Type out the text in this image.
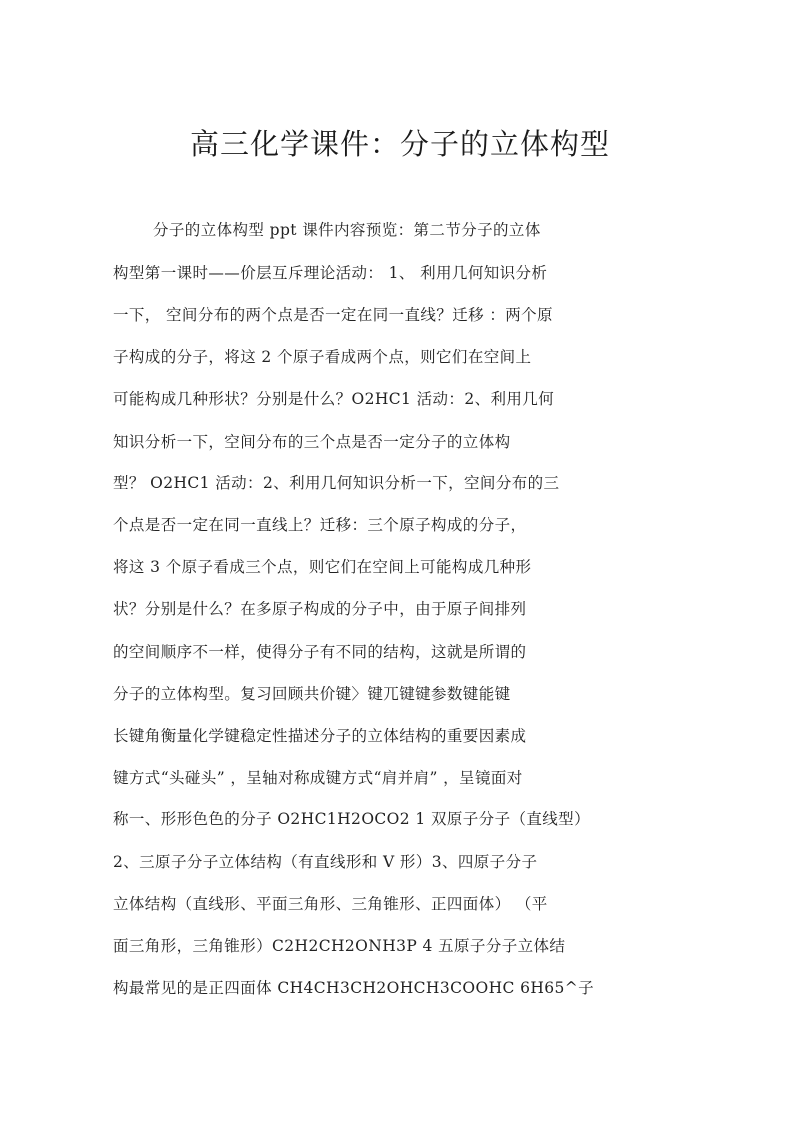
高三化学课件：分子的立体构型
分子的立体构型 ppt 课件内容预览：第二节分子的立体
构型第一课时——价层互斥理论活动： 1、 利用几何知识分析
一下， 空间分布的两个点是否一定在同一直线？迁移 ：两个原
子构成的分子，将这 2 个原子看成两个点，则它们在空间上
可能构成几种形状？分别是什么？O2HC1 活动：2、利用几何
知识分析一下，空间分布的三个点是否一定分子的立体构
型？ O2HC1 活动：2、利用几何知识分析一下，空间分布的三
个点是否一定在同一直线上？迁移：三个原子构成的分子，
将这 3 个原子看成三个点，则它们在空间上可能构成几种形
状？分别是什么？在多原子构成的分子中，由于原子间排列
的空间顺序不一样，使得分子有不同的结构，这就是所谓的
分子的立体构型。复习回顾共价键〉键兀键键参数键能键
长键角衡量化学键稳定性描述分子的立体结构的重要因素成
键方式“头碰头” ，呈轴对称成键方式“肩并肩” ，呈镜面对
称一、形形色色的分子 O2HC1H2OCO2 1 双原子分子（直线型）
2、三原子分子立体结构（有直线形和 V 形）3、四原子分子
立体结构（直线形、平面三角形、三角锥形、正四面体） （平
面三角形，三角锥形）C2H2CH2ONH3P 4 五原子分子立体结
构最常见的是正四面体 CH4CH3CH2OHCH3COOHC 6H65^子
